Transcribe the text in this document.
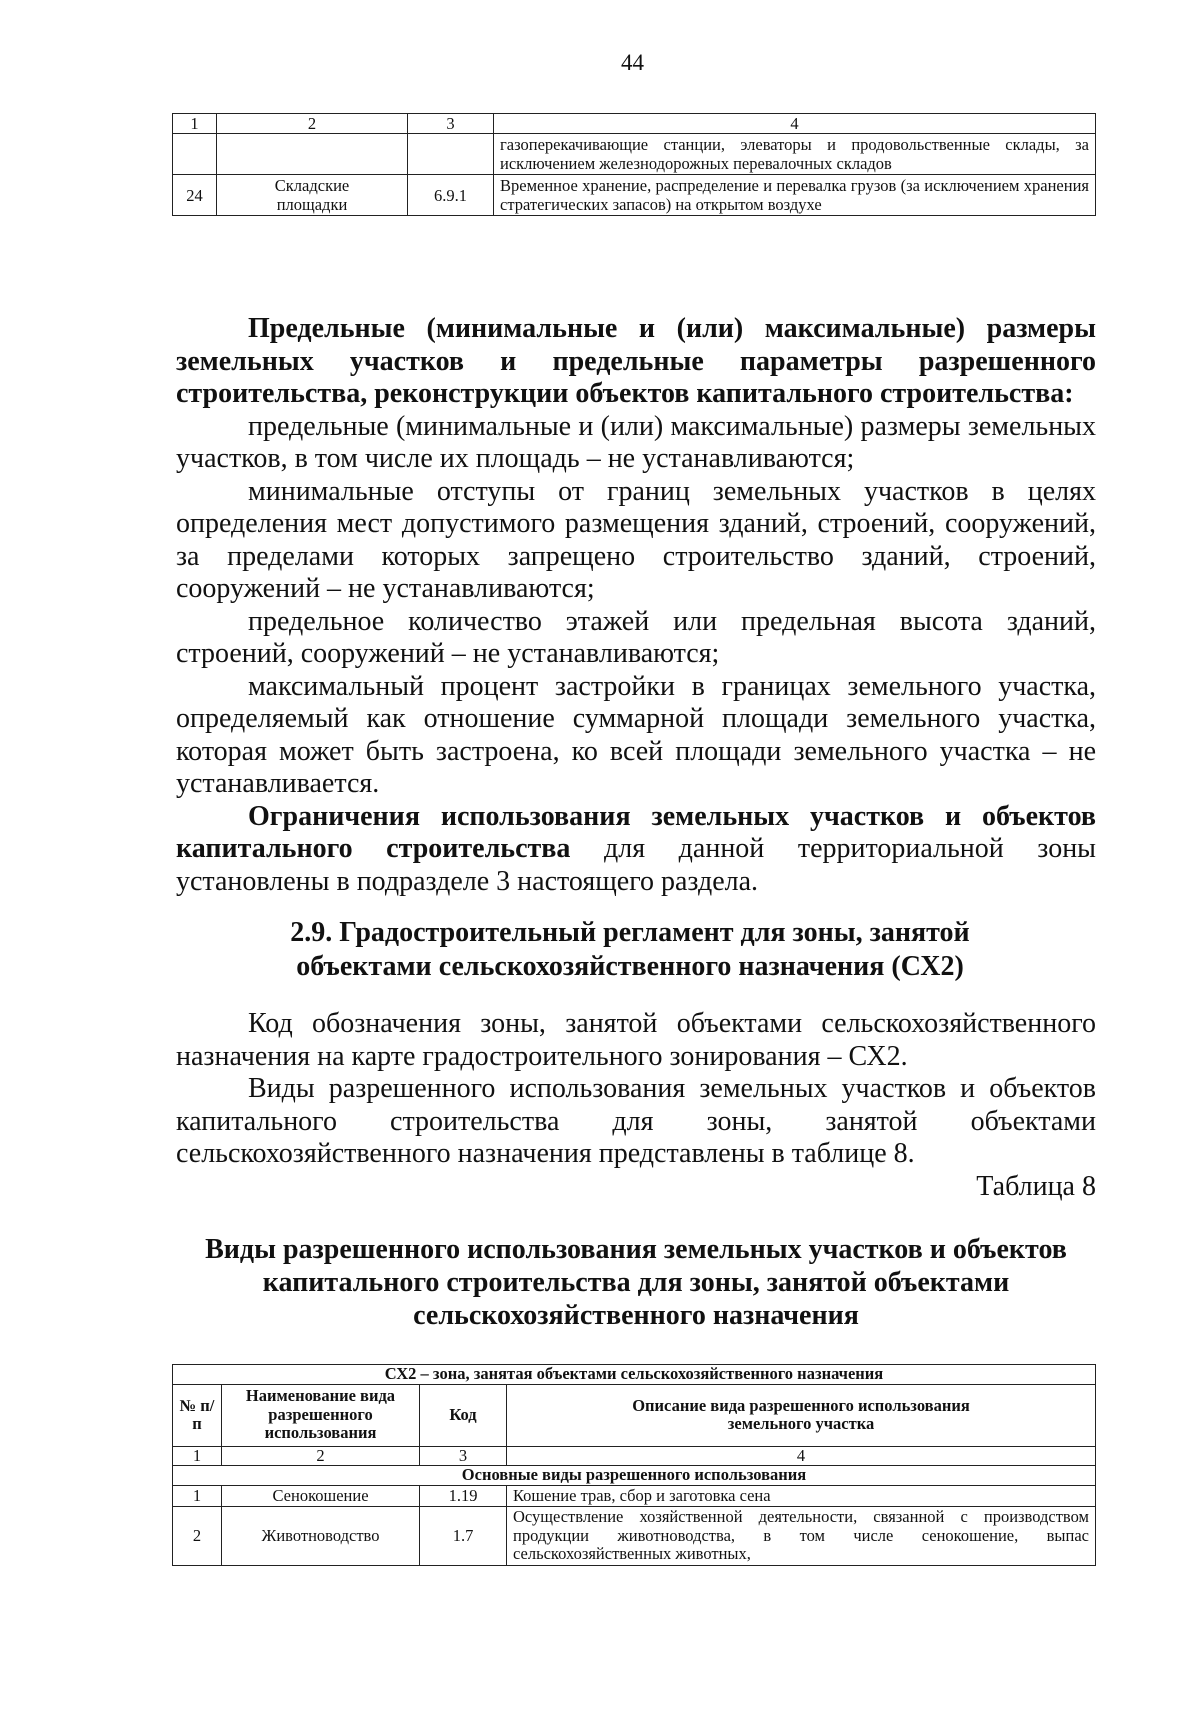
44
1	2	3	4
			газоперекачивающие станции, элеваторы и продовольственные склады, за исключением железнодорожных перевалочных складов
24	Складские площадки	6.9.1	Временное хранение, распределение и перевалка грузов (за исключением хранения стратегических запасов) на открытом воздухе
Предельные (минимальные и (или) максимальные) размеры земельных участков и предельные параметры разрешенного строительства, реконструкции объектов капитального строительства:
предельные (минимальные и (или) максимальные) размеры земельных участков, в том числе их площадь – не устанавливаются;
минимальные отступы от границ земельных участков в целях определения мест допустимого размещения зданий, строений, сооружений, за пределами которых запрещено строительство зданий, строений, сооружений – не устанавливаются;
предельное количество этажей или предельная высота зданий, строений, сооружений – не устанавливаются;
максимальный процент застройки в границах земельного участка, определяемый как отношение суммарной площади земельного участка, которая может быть застроена, ко всей площади земельного участка – не устанавливается.
Ограничения использования земельных участков и объектов капитального строительства для данной территориальной зоны установлены в подразделе 3 настоящего раздела.
2.9. Градостроительный регламент для зоны, занятой объектами сельскохозяйственного назначения (СХ2)
Код обозначения зоны, занятой объектами сельскохозяйственного назначения на карте градостроительного зонирования – СХ2.
Виды разрешенного использования земельных участков и объектов капитального строительства для зоны, занятой объектами сельскохозяйственного назначения представлены в таблице 8.
Таблица 8
Виды разрешенного использования земельных участков и объектов капитального строительства для зоны, занятой объектами сельскохозяйственного назначения
СХ2 – зона, занятая объектами сельскохозяйственного назначения			
№ п/п	Наименование вида разрешенного использования	Код	Описание вида разрешенного использования земельного участка
1	2	3	4
Основные виды разрешенного использования			
1	Сенокошение	1.19	Кошение трав, сбор и заготовка сена
2	Животноводство	1.7	Осуществление хозяйственной деятельности, связанной с производством продукции животноводства, в том числе сенокошение, выпас сельскохозяйственных животных,
